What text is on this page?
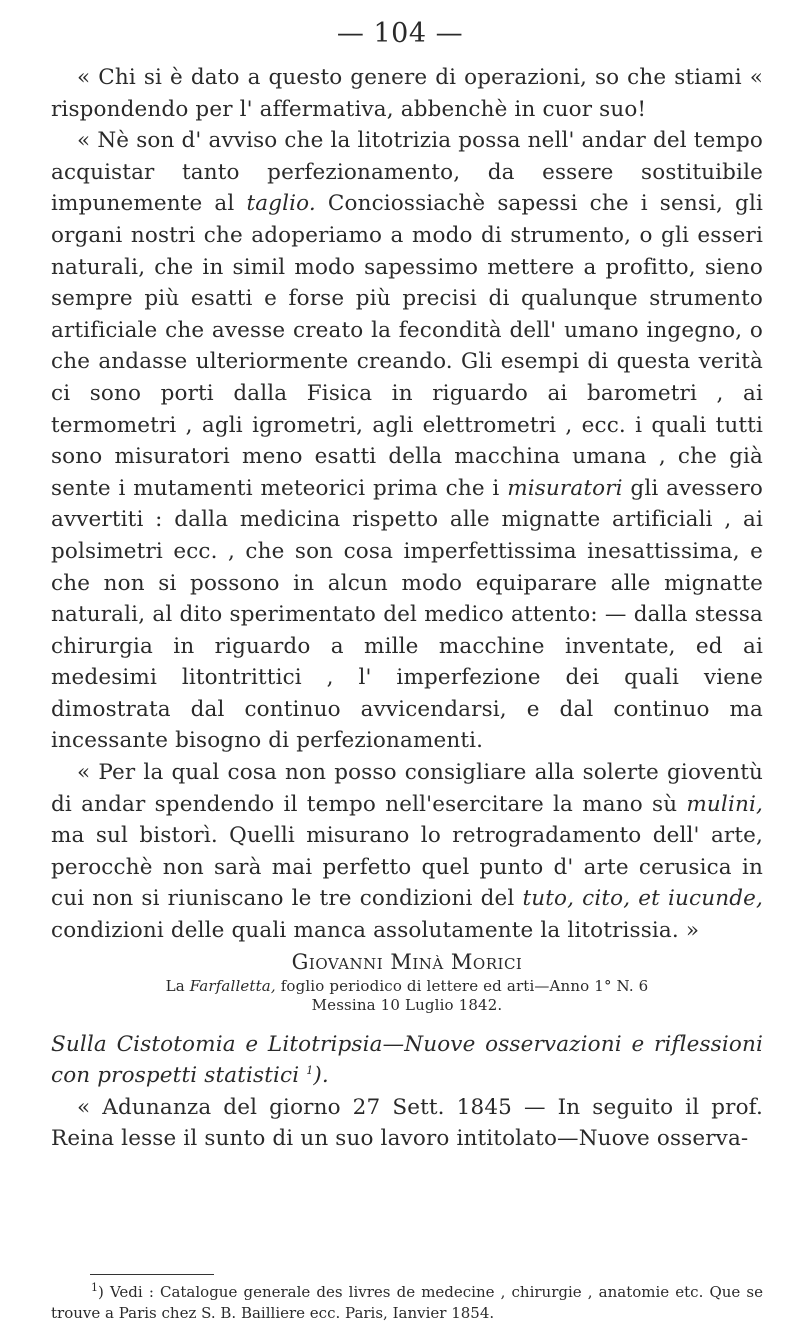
— 104 —

« Chi si è dato a questo genere di operazioni, so che stiami « rispondendo per l' affermativa, abbenchè in cuor suo!

« Nè son d' avviso che la litotrizia possa nell' andar del tempo acquistar tanto perfezionamento, da essere sostituibile impunemente al taglio. Conciossiachè sapessi che i sensi, gli organi nostri che adoperiamo a modo di strumento, o gli esseri naturali, che in simil modo sapessimo mettere a profitto, sieno sempre più esatti e forse più precisi di qualunque strumento artificiale che avesse creato la fecondità dell' umano ingegno, o che andasse ulteriormente creando. Gli esempi di questa verità ci sono porti dalla Fisica in riguardo ai barometri , ai termometri , agli igrometri, agli elettrometri , ecc. i quali tutti sono misuratori meno esatti della macchina umana , che già sente i mutamenti meteorici prima che i misuratori gli avessero avvertiti : dalla medicina rispetto alle mignatte artificiali , ai polsimetri ecc. , che son cosa imperfettissima inesattissima, e che non si possono in alcun modo equiparare alle mignatte naturali, al dito sperimentato del medico attento: — dalla stessa chirurgia in riguardo a mille macchine inventate, ed ai medesimi litontrittici , l' imperfezione dei quali viene dimostrata dal continuo avvicendarsi, e dal continuo ma incessante bisogno di perfezionamenti.

« Per la qual cosa non posso consigliare alla solerte gioventù di andar spendendo il tempo nell'esercitare la mano sù mulini, ma sul bistorì. Quelli misurano lo retrogradamento dell' arte, perocchè non sarà mai perfetto quel punto d' arte cerusica in cui non si riuniscano le tre condizioni del tuto, cito, et iucunde, condizioni delle quali manca assolutamente la litotrissia. »

Giovanni Minà Morici
La Farfalletta, foglio periodico di lettere ed arti—Anno 1° N. 6
Messina 10 Luglio 1842.
Sulla Cistotomia e Litotripsia—Nuove osservazioni e riflessioni con prospetti statistici $^1$).

« Adunanza del giorno 27 Sett. 1845 — In seguito il prof. Reina lesse il sunto di un suo lavoro intitolato—Nuove osserva-

$^1$) Vedi : Catalogue generale des livres de medecine , chirurgie , anatomie etc. Que se trouve a Paris chez S. B. Bailliere ecc. Paris, Ianvier 1854.
